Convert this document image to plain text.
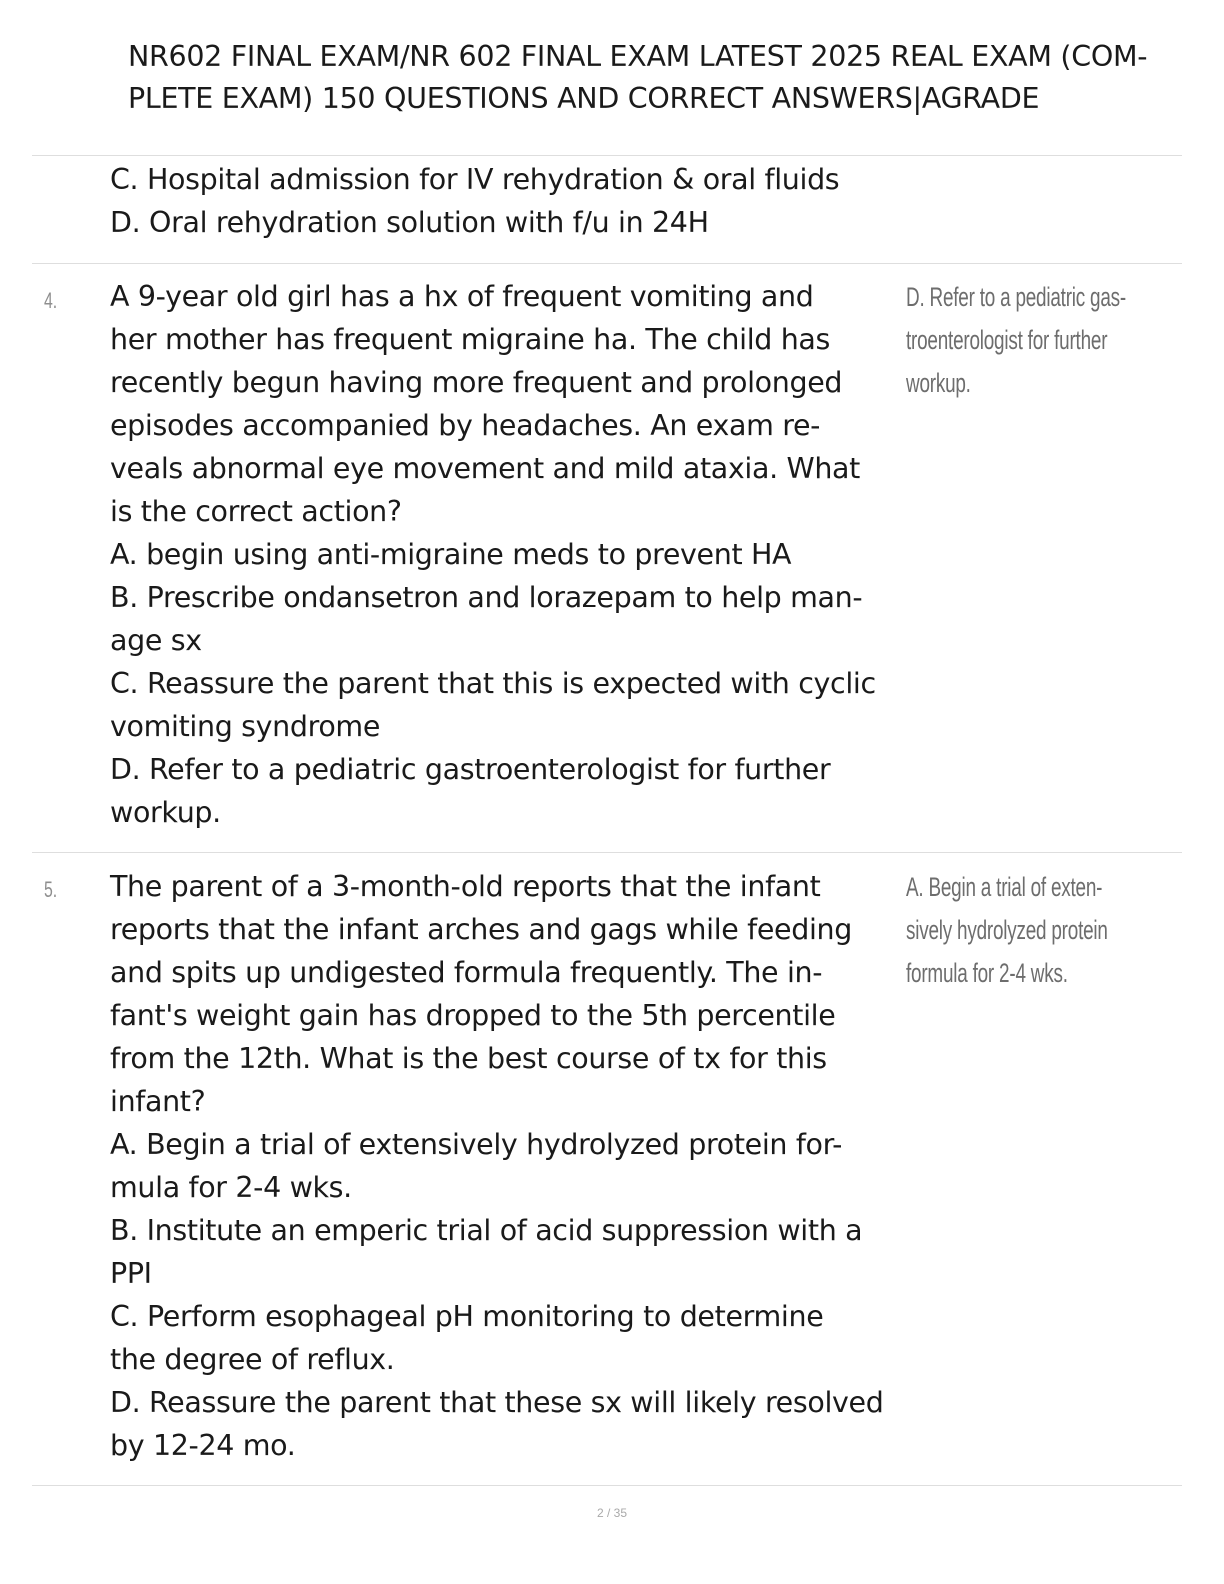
NR602 FINAL EXAM/NR 602 FINAL EXAM LATEST 2025 REAL EXAM (COM-
PLETE EXAM) 150 QUESTIONS AND CORRECT ANSWERS|AGRADE
C. Hospital admission for IV rehydration & oral fluids
D. Oral rehydration solution with f/u in 24H
4. A 9-year old girl has a hx of frequent vomiting and
her mother has frequent migraine ha. The child has
recently begun having more frequent and prolonged
episodes accompanied by headaches. An exam re-
veals abnormal eye movement and mild ataxia. What
is the correct action?
A. begin using anti-migraine meds to prevent HA
B. Prescribe ondansetron and lorazepam to help man-
age sx
C. Reassure the parent that this is expected with cyclic
vomiting syndrome
D. Refer to a pediatric gastroenterologist for further
workup.
D. Refer to a pediatric gas-
troenterologist for further
workup.
5. The parent of a 3-month-old reports that the infant
reports that the infant arches and gags while feeding
and spits up undigested formula frequently. The in-
fant's weight gain has dropped to the 5th percentile
from the 12th. What is the best course of tx for this
infant?
A. Begin a trial of extensively hydrolyzed protein for-
mula for 2-4 wks.
B. Institute an emperic trial of acid suppression with a
PPI
C. Perform esophageal pH monitoring to determine
the degree of reflux.
D. Reassure the parent that these sx will likely resolved
by 12-24 mo.
A. Begin a trial of exten-
sively hydrolyzed protein
formula for 2-4 wks.
2 / 35
